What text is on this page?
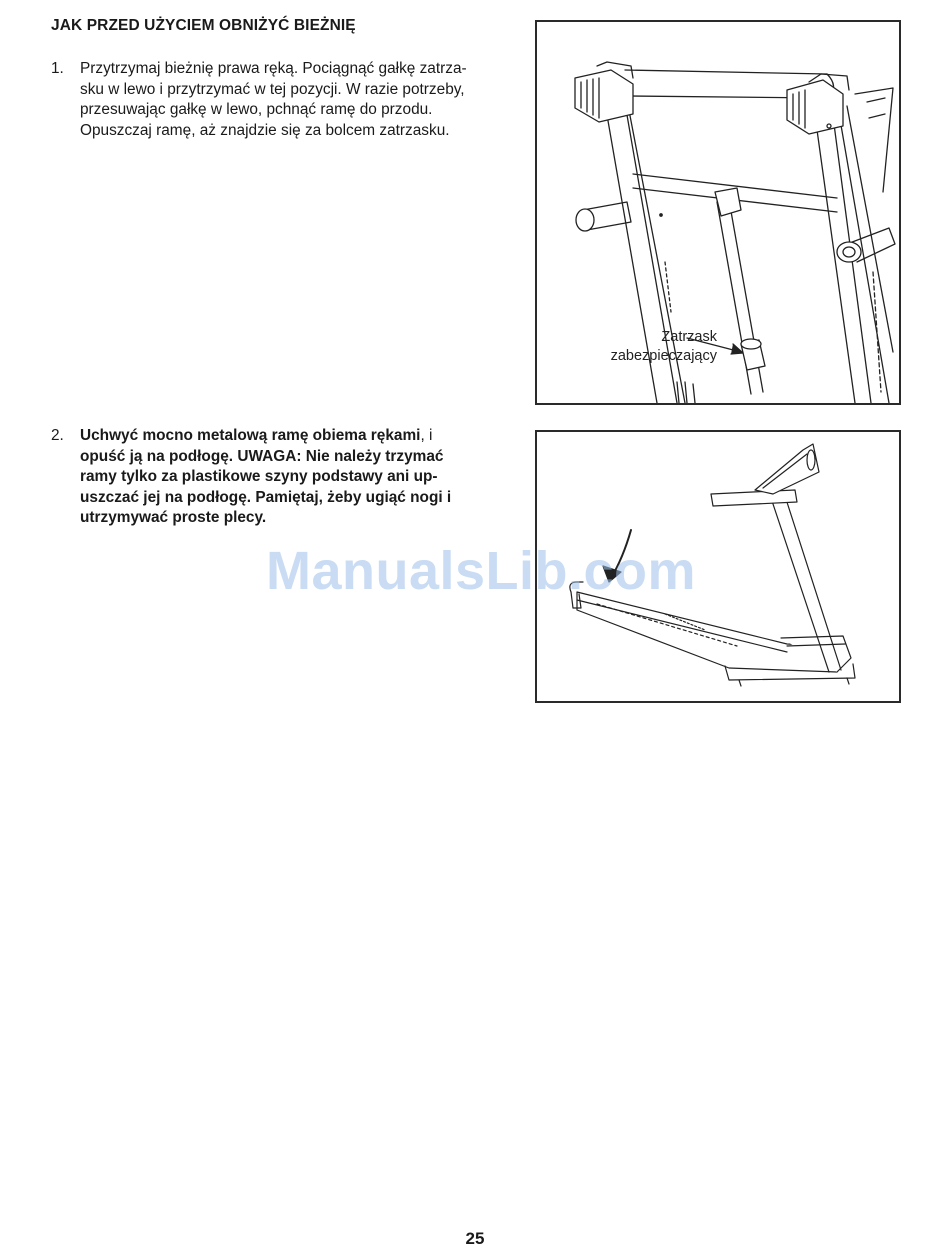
JAK PRZED UŻYCIEM OBNIŻYĆ BIEŻNIĘ
1. Przytrzymaj bieżnię prawa ręką. Pociągnąć gałkę zatrza-
sku w lewo i przytrzymać w tej pozycji. W razie potrzeby,
przesuwając gałkę w lewo, pchnąć ramę do przodu.
Opuszczaj ramę, aż znajdzie się za bolcem zatrzasku.
2. Uchwyć mocno metalową ramę obiema rękami, i
opuść ją na podłogę. UWAGA: Nie należy trzymać
ramy tylko za plastikowe szyny podstawy ani up-
uszczać jej na podłogę. Pamiętaj, żeby ugiąć nogi i
utrzymywać proste plecy.
Zatrzask
zabezpieczający
ManualsLib.com
25
